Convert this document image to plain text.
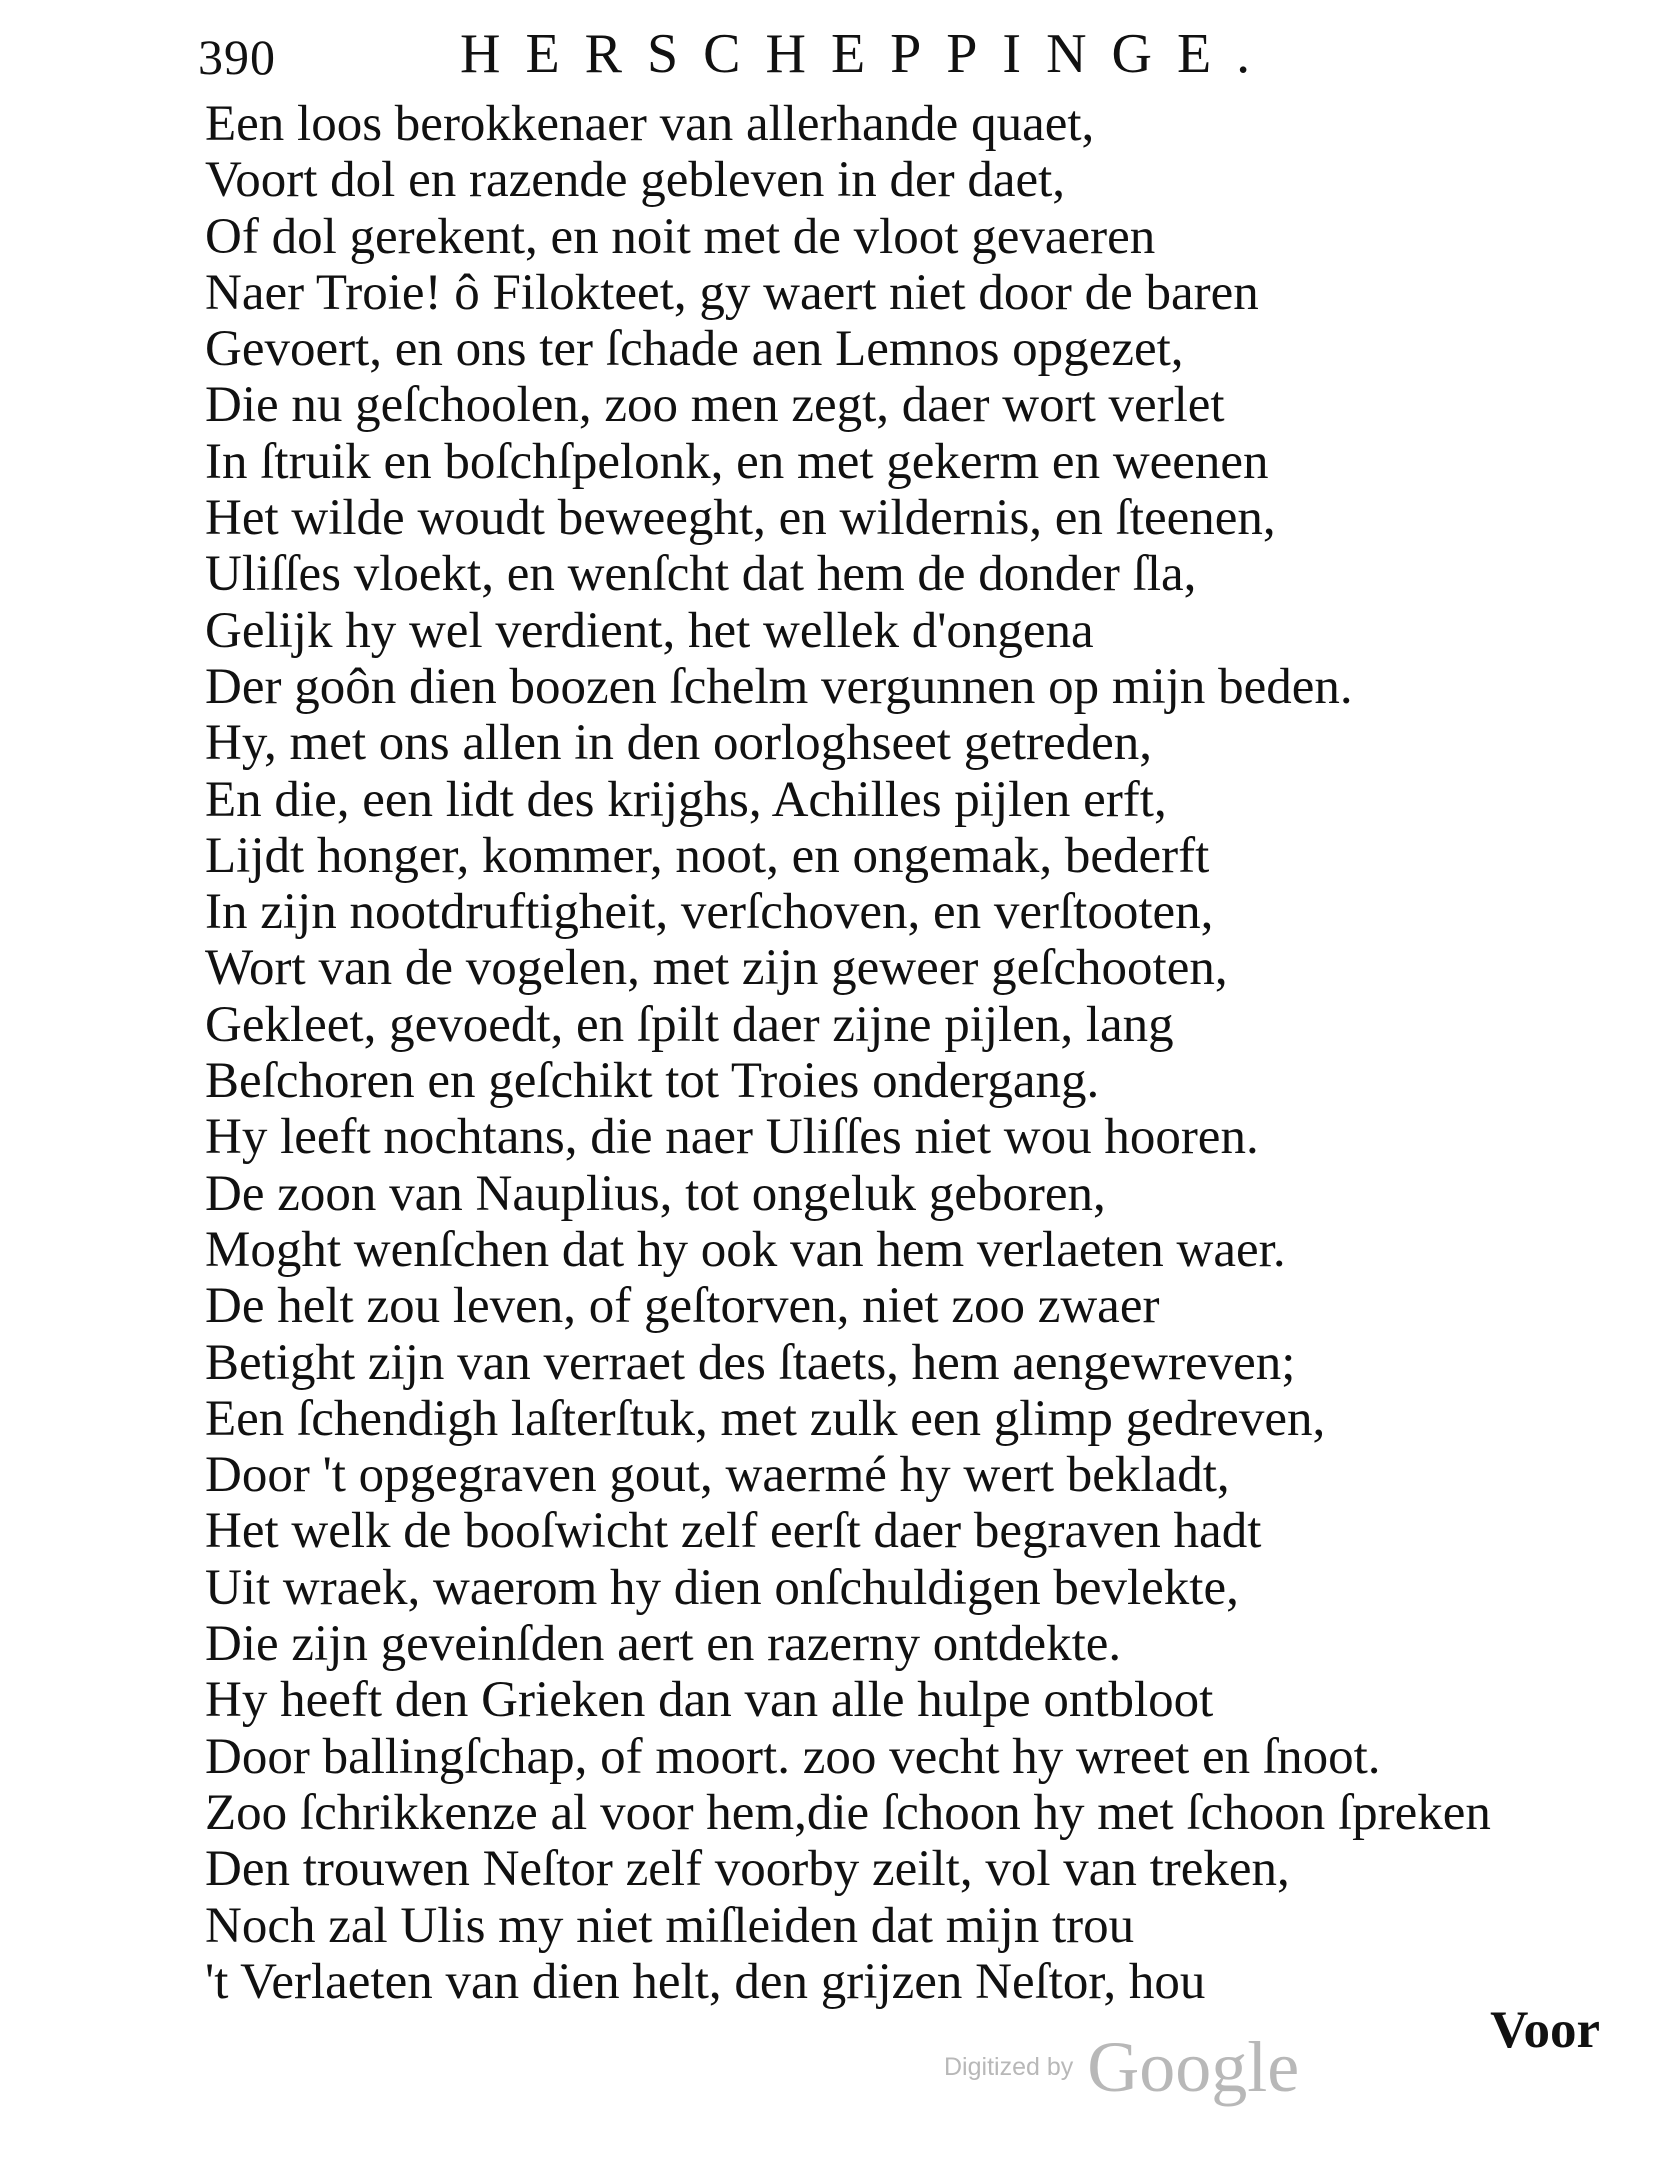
390	HERSCHEPPINGE.
Een loos berokkenaer van allerhande quaet,
Voort dol en razende gebleven in der daet,
Of dol gerekent, en noit met de vloot gevaeren
Naer Troie! ô Filokteet, gy waert niet door de baren
Gevoert, en ons ter ſchade aen Lemnos opgezet,
Die nu geſchoolen, zoo men zegt, daer wort verlet
In ſtruik en boſchſpelonk, en met gekerm en weenen
Het wilde woudt beweeght, en wildernis, en ſteenen,
Uliſſes vloekt, en wenſcht dat hem de donder ſla,
Gelijk hy wel verdient, het wellek d'ongena
Der goôn dien boozen ſchelm vergunnen op mijn beden.
Hy, met ons allen in den oorloghseet getreden,
En die, een lidt des krijghs, Achilles pijlen erft,
Lijdt honger, kommer, noot, en ongemak, bederft
In zijn nootdruftigheit, verſchoven, en verſtooten,
Wort van de vogelen, met zijn geweer geſchooten,
Gekleet, gevoedt, en ſpilt daer zijne pijlen, lang
Beſchoren en geſchikt tot Troies ondergang.
Hy leeft nochtans, die naer Uliſſes niet wou hooren.
De zoon van Nauplius, tot ongeluk geboren,
Moght wenſchen dat hy ook van hem verlaeten waer.
De helt zou leven, of geſtorven, niet zoo zwaer
Betight zijn van verraet des ſtaets, hem aengewreven;
Een ſchendigh laſterſtuk, met zulk een glimp gedreven,
Door 't opgegraven gout, waermé hy wert bekladt,
Het welk de booſwicht zelf eerſt daer begraven hadt
Uit wraek, waerom hy dien onſchuldigen bevlekte,
Die zijn geveinſden aert en razerny ontdekte.
Hy heeft den Grieken dan van alle hulpe ontbloot
Door ballingſchap, of moort. zoo vecht hy wreet en ſnoot.
Zoo ſchrikkenze al voor hem,die ſchoon hy met ſchoon ſpreken
Den trouwen Neſtor zelf voorby zeilt, vol van treken,
Noch zal Ulis my niet miſleiden dat mijn trou
't Verlaeten van dien helt, den grijzen Neſtor, hou
Digitized by Google	Voor
